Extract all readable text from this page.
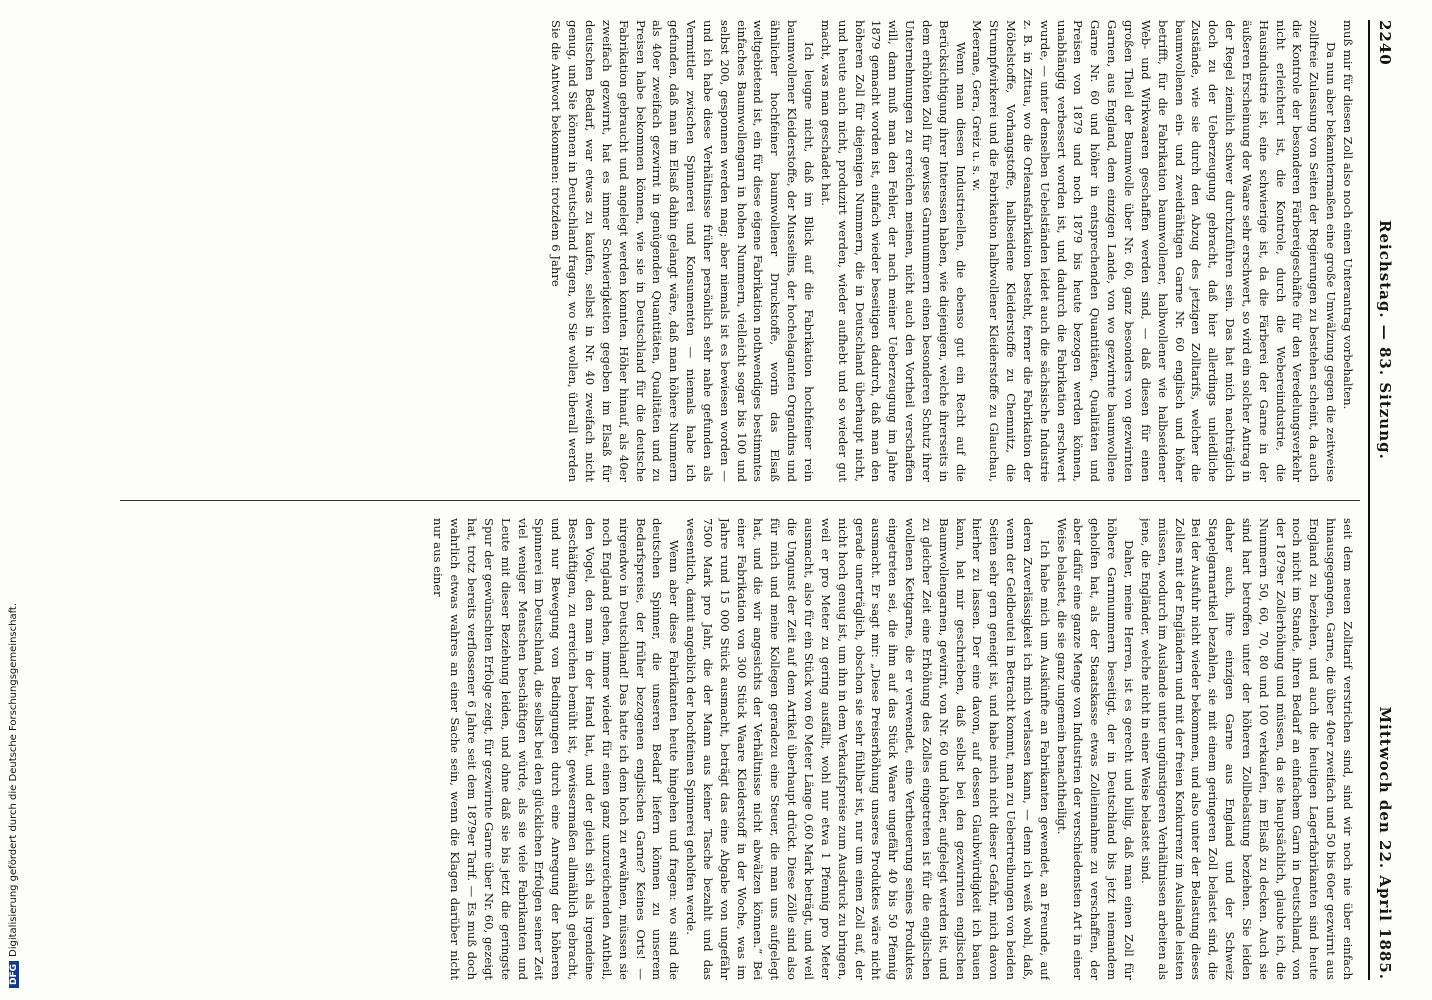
2240
Reichstag. — 83. Sitzung.
Mittwoch den 22. April 1885.

muß mir für diesen Zoll also noch einen Unterantrag vorbehalten.

Da nun aber bekanntermaßen eine große Umwälzung gegen die zeitweise zollfreie Zulassung von Seiten der Regierungen zu bestehen scheint, da auch die Kontrole der besonderen Färbereigeschäfte für den Veredelungsverkehr nicht erleichtert ist, die Kontrole, durch die Webereiindustrie, die Hausindustrie ist, eine schwierige ist, da die Färberei der Garne in der äußeren Erscheinung der Waare sehr erschwert, so wird ein solcher Antrag in der Regel ziemlich schwer durchzuführen sein. Das hat mich nachträglich doch zu der Ueberzeugung gebracht, daß hier allerdings unleidliche Zustände, wie sie durch den Abzug des jetzigen Zolltarifs, welcher die baumwollenen ein- und zweidrähtigen Garne Nr. 60 englisch und höher betrifft, für die Fabrikation baumwollener, halbwollener wie halbseidener Web- und Wirkwaaren geschaffen werden sind, — daß diesen für einen großen Theil der Baumwolle über Nr. 60, ganz besonders von gezwirnten Garnen, aus England, dem einzigen Lande, von wo gezwirnte baumwollene Garne Nr. 60 und höher in entsprechenden Quantitäten, Qualitäten und Preisen von 1879 und noch 1879 bis heute bezogen werden können, unabhängig verbessert worden ist, und dadurch die Fabrikation erschwert wurde, — unter denselben Uebelständen leidet auch die sächsische Industrie z. B. in Zittau, wo die Orleansfabrikation besteht, ferner die Fabrikation der Möbelstoffe, Vorhangstoffe, halbseidene Kleiderstoffe zu Chemnitz, die Strumpfwirkerei und die Fabrikation halbwollener Kleiderstoffe zu Glauchau, Meerane, Gera, Greiz u. s. w.

Wenn man diesen Industrieellen, die ebenso gut ein Recht auf die Berücksichtigung ihrer Interessen haben, wie diejenigen, welche ihrerseits in dem erhöhten Zoll für gewisse Garnnummern einen besonderen Schutz ihrer Unternehmungen zu erreichen meinen, nicht auch den Vortheil verschaffen will, dann muß man den Fehler, der nach meiner Ueberzeugung im Jahre 1879 gemacht worden ist, einfach wieder beseitigen dadurch, daß man den höheren Zoll für diejenigen Nummern, die in Deutschland überhaupt nicht, und heute auch nicht, produzirt werden, wieder aufhebt und so wieder gut macht, was man geschadet hat.

Ich leugne nicht, daß im Blick auf die Fabrikation hochfeiner rein baumwollener Kleiderstoffe, der Musselins, der hochelaganten Organdins und ähnlicher hochfeiner baumwollener Druckstoffe, worin das Elsaß weltgebietend ist, ein für diese eigene Fabrikation nothwendiges bestimmtes einfaches Baumwollengarn in hohen Nummern, vielleicht sogar bis 100 und selbst 200, gesponnen werden mag; aber niemals ist es bewiesen worden — und ich habe diese Verhältnisse früher persönlich sehr nahe gefunden als Vermittler zwischen Spinnerei und Konsumenten — niemals habe ich gefunden, daß man im Elsaß dahin gelangt wäre, daß man höhere Nummern als 40er zweifach gezwirnt in genügenden Quantitäten, Qualitäten und zu Preisen habe bekommen können, wie sie in Deutschland für die deutsche Fabrikation gebraucht und angelegt werden konnten. Höher hinauf, als 40er zweifach gezwirnt, hat es immer Schwierigkeiten gegeben im Elsaß für deutschen Bedarf, war etwas zu kaufen, selbst in Nr. 40 zweifach nicht genug, und Sie können in Deutschland fragen, wo Sie wollen, überall werden Sie die Antwort bekommen: trotzdem 6 Jahre

seit dem neuen Zolltarif verstrichen sind, sind wir noch nie über einfach hinausgegangen, Garne, die über 40er zweifach und 50 bis 60er gezwirnt aus England zu beziehen, und auch die heutigen Lagerfabrikanten sind heute noch nicht im Stande, ihren Bedarf an einfachem Garn in Deutschland, von der 1879er Zollerhöhung und müssen, da sie hauptsächlich, glaube ich, die Nummern 50, 60, 70, 80 und 100 verkaufen, im Elsaß zu decken. Auch sie sind hart betroffen unter der höheren Zollbelastung beziehen. Sie leiden daher auch, ihre einzigen Garne aus England und der Schweiz Stapelgarnartikel bezahlen, sie mit einem geringeren Zoll belastet sind, die Bei der Ausfuhr nicht wieder bekommen, und also unter der Belastung dieses Zolles mit der Engländern und mit der freien Konkurrenz im Auslande leisten müssen, wodurch im Auslande unter ungünstigeren Verhältnissen arbeiten als jene, die Engländer, welche nicht in einer Weise belastet sind.

Daher, meine Herren, ist es gerecht und billig, daß man einen Zoll für höhere Garnnummern beseitigt, der in Deutschland bis jetzt niemandem geholfen hat, als der Staatskasse etwas Zolleinnahme zu verschaffen, der aber dafür eine ganze Menge von Industrien der verschiedensten Art in einer Weise belastet, die sie ganz ungemein benachtheiligt.

Ich habe mich um Auskünfte an Fabrikanten gewendet, an Freunde, auf deren Zuverlässigkeit ich mich verlassen kann, — denn ich weiß wohl, daß, wenn der Geldbeutel in Betracht kommt, man zu Uebertreibungen von beiden Seiten sehr gern geneigt ist, und habe mich nicht dieser Gefahr, mich davon hierher zu lassen. Der eine davon, auf dessen Glaubwürdigkeit ich bauen kann, hat mir geschrieben, daß selbst bei den gezwirnten englischen Baumwollengarnen, gewirnt, von Nr. 60 und höher, aufgelegt werden ist, und zu gleicher Zeit eine Erhöhung des Zolles eingetreten ist für die englischen wollenen Kettgarne, die er verwendet, eine Vertheuerung seines Produktes eingetreten sei, die ihm auf das Stück Waare ungefähr 40 bis 50 Pfennig ausmacht. Er sagt mir: „Diese Preiserhöhung unseres Produktes wäre nicht gerade unerträglich, obschon sie sehr fühlbar ist, nur um einen Zoll auf, der nicht hoch genug ist, um ihn in dem Verkaufspreise zum Ausdruck zu bringen, weil er pro Meter zu gering ausfällt, wohl nur etwa 1 Pfennig pro Meter ausmacht, also für ein Stück von 60 Meter Länge 0,60 Mark beträgt, und weil die Ungunst der Zeit auf dem Artikel überhaupt drückt. Diese Zölle sind also für mich und meine Kollegen geradezu eine Steuer, die man uns aufgelegt hat, und die wir angesichts der Verhältnisse nicht abwälzen können.“ Bei einer Fabrikation von 300 Stück Waare Kleiderstoff in der Woche, was im Jahre rund 15 000 Stück ausmacht, beträgt das eine Abgabe von ungefähr 7500 Mark pro Jahr, die der Mann aus keiner Tasche bezahlt und das wesentlich, damit angeblich der hochfeinen Spinnerei geholfen werde.

Wenn aber diese Fabrikanten heute hingehen und fragen: wo sind die deutschen Spinner, die unseren Bedarf liefern können zu unserem Bedarfspreise, der früher bezogenen englischen Garne? Keines Orts! — nirgendwo in Deutschland! Das hatte ich dem hoch zu erwähnen, müssen sie noch England gehen, immer wieder für einen ganz unzureichenden Antheil, den Vogel, den man in der Hand hat, und der gleich sich als irgendeine Beschäftigen, zu erreichen bemüht ist, gewissermaßen allmählich gebracht, und nur Bewegung von Bedingungen durch eine Anregung der höheren Spinnerei im Deutschland, die selbst bei den glücklichen Erfolgen seiner Zeit viel weniger Menschen beschäftigen würde, als sie viele Fabrikanten und Leute mit dieser Beziehung leiden, und ohne daß sie bis jetzt die geringste Spur der gewünschten Erfolge zeigt, für gezwirnte Garne über Nr. 60, gezeigt hat, trotz bereits verflossener 6 Jahre seit dem 1879er Tarif. — Es muß doch wahrlich etwas wahres an einer Sache sein, wenn die Klagen darüber nicht nur aus einer

DFGDigitalisierung gefördert durch die Deutsche Forschungsgemeinschaft.
